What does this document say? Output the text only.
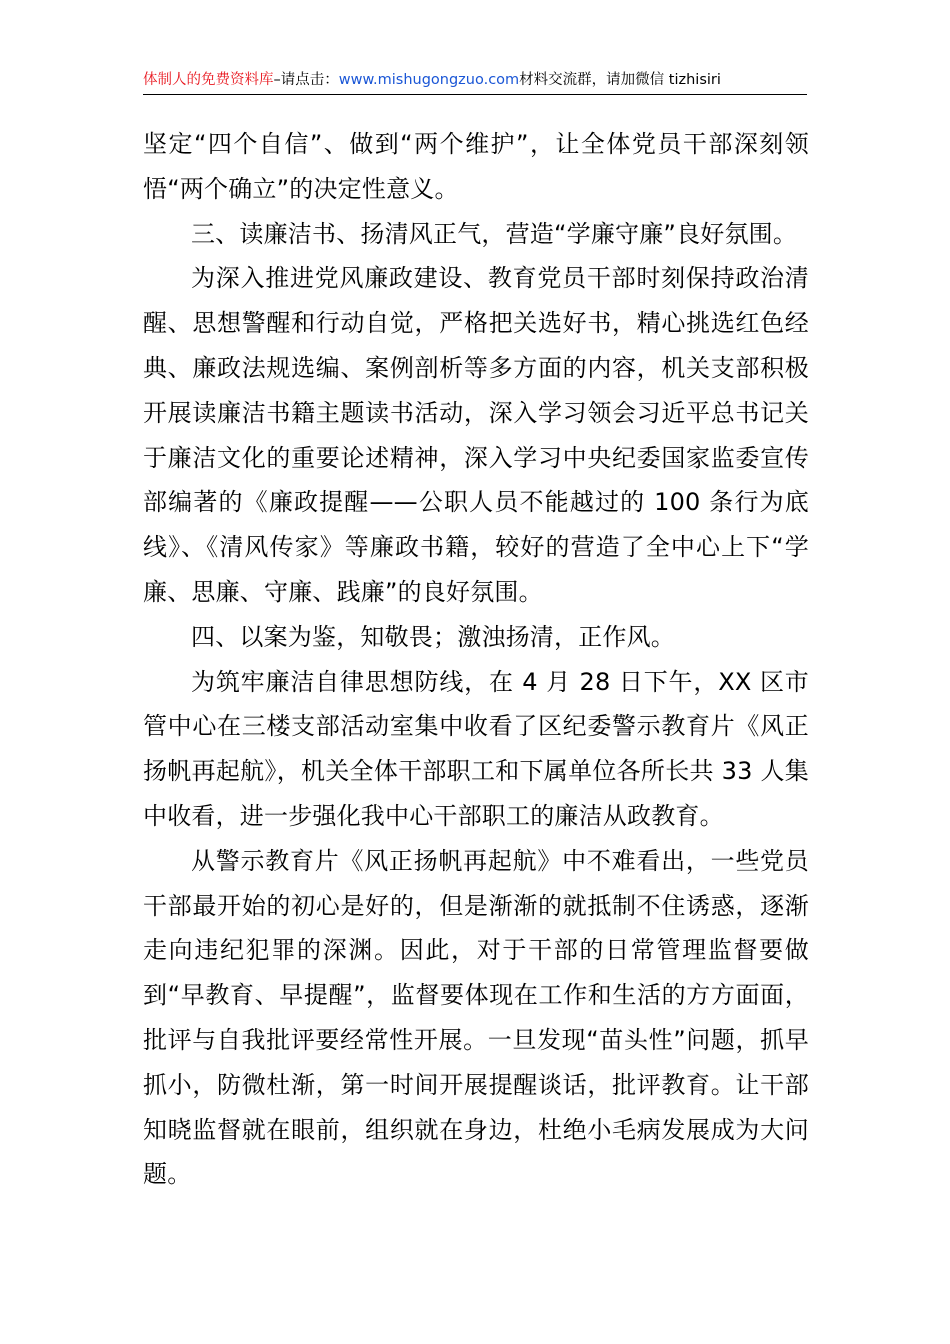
体制人的免费资料库–请点击：www.mishugongzuo.com材料交流群，请加微信 tizhisiri

坚定“四个自信”、做到“两个维护”，让全体党员干部深刻领悟“两个确立”的决定性意义。

三、读廉洁书、扬清风正气，营造“学廉守廉”良好氛围。

为深入推进党风廉政建设、教育党员干部时刻保持政治清醒、思想警醒和行动自觉，严格把关选好书，精心挑选红色经典、廉政法规选编、案例剖析等多方面的内容，机关支部积极开展读廉洁书籍主题读书活动，深入学习领会习近平总书记关于廉洁文化的重要论述精神，深入学习中央纪委国家监委宣传部编著的《廉政提醒——公职人员不能越过的 100 条行为底线》、《清风传家》等廉政书籍，较好的营造了全中心上下“学廉、思廉、守廉、践廉”的良好氛围。

四、以案为鉴，知敬畏；激浊扬清，正作风。

为筑牢廉洁自律思想防线，在 4 月 28 日下午，XX 区市管中心在三楼支部活动室集中收看了区纪委警示教育片《风正扬帆再起航》，机关全体干部职工和下属单位各所长共 33 人集中收看，进一步强化我中心干部职工的廉洁从政教育。

从警示教育片《风正扬帆再起航》中不难看出，一些党员干部最开始的初心是好的，但是渐渐的就抵制不住诱惑，逐渐走向违纪犯罪的深渊。因此，对于干部的日常管理监督要做到“早教育、早提醒”，监督要体现在工作和生活的方方面面，批评与自我批评要经常性开展。一旦发现“苗头性”问题，抓早抓小，防微杜渐，第一时间开展提醒谈话，批评教育。让干部知晓监督就在眼前，组织就在身边，杜绝小毛病发展成为大问题。
